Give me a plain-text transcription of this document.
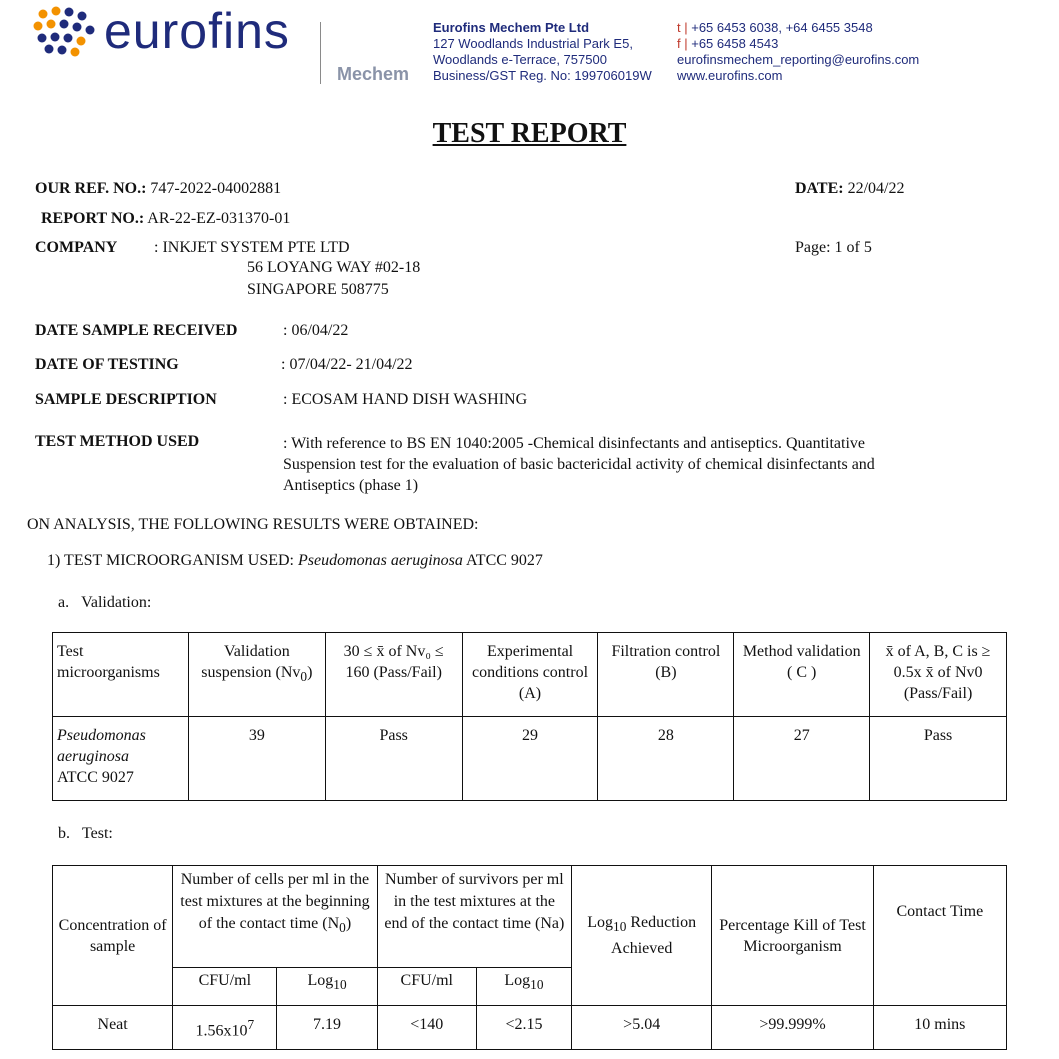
eurofins
Mechem
Eurofins Mechem Pte Ltd
127 Woodlands Industrial Park E5,
Woodlands e-Terrace, 757500
Business/GST Reg. No: 199706019W
t | +65 6453 6038, +64 6455 3548
f | +65 6458 4543
eurofinsmechem_reporting@eurofins.com
www.eurofins.com
TEST REPORT
OUR REF. NO.: 747-2022-04002881	DATE: 22/04/22
REPORT NO.: AR-22-EZ-031370-01
COMPANY : INKJET SYSTEM PTE LTD
56 LOYANG WAY #02-18
SINGAPORE 508775
Page: 1 of 5
DATE SAMPLE RECEIVED	: 06/04/22
DATE OF TESTING	: 07/04/22- 21/04/22
SAMPLE DESCRIPTION	: ECOSAM HAND DISH WASHING
TEST METHOD USED	: With reference to BS EN 1040:2005 -Chemical disinfectants and antiseptics. Quantitative
Suspension test for the evaluation of basic bactericidal activity of chemical disinfectants and
Antiseptics (phase 1)
ON ANALYSIS, THE FOLLOWING RESULTS WERE OBTAINED:
1) TEST MICROORGANISM USED: Pseudomonas aeruginosa ATCC 9027
a.   Validation:
Test microorganisms	Validation suspension $(Nv_0)$	30 ≤ x̄ of Nv₀ ≤ 160 (Pass/Fail)	Experimental conditions control (A)	Filtration control (B)	Method validation ( C )	x̄ of A, B, C is ≥ 0.5x x̄ of Nv0 (Pass/Fail)

Pseudomonas aeruginosa
ATCC 9027	39	Pass	29	28	27	Pass
b.   Test:
Concentration of sample	Number of cells per ml in the test mixtures at the beginning of the contact time $(N_0)$		Number of survivors per ml in the test mixtures at the end of the contact time (Na)		Log$_{10}$ Reduction Achieved	Percentage Kill of Test Microorganism	Contact Time
	CFU/ml	Log$_{10}$	CFU/ml	Log$_{10}$
Neat	$1.56x10^7$	7.19	<140	<2.15	>5.04	>99.999%	10 mins
